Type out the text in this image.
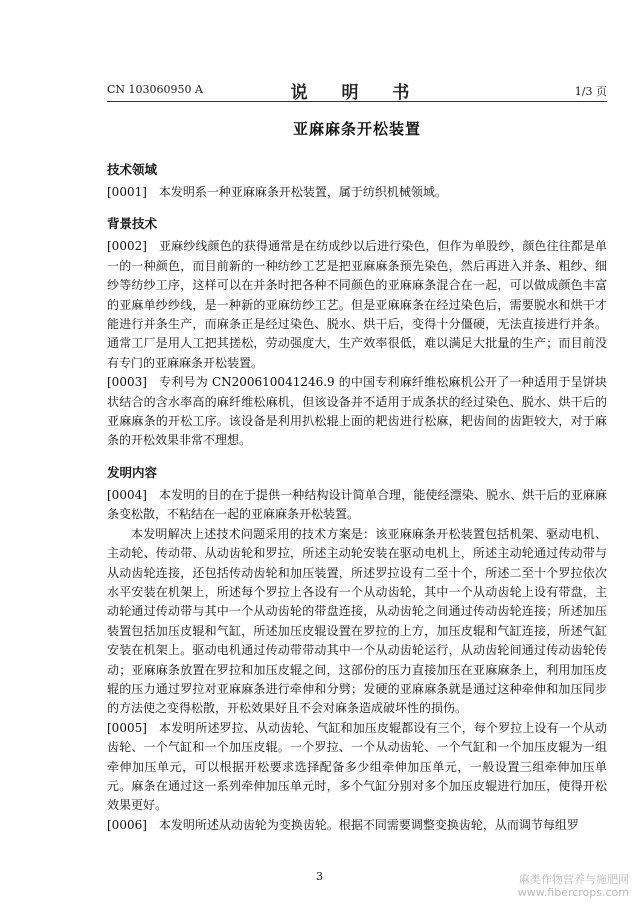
CN 103060950 A	说 明 书	1/3 页
亚麻麻条开松装置
技术领域

[0001] 本发明系一种亚麻麻条开松装置，属于纺织机械领域。

背景技术

[0002] 亚麻纱线颜色的获得通常是在纺成纱以后进行染色，但作为单股纱，颜色往往都是单一的一种颜色，而目前新的一种纺纱工艺是把亚麻麻条预先染色，然后再进入并条、粗纱、细纱等纺纱工序，这样可以在并条时把各种不同颜色的亚麻麻条混合在一起，可以做成颜色丰富的亚麻单纱纱线，是一种新的亚麻纺纱工艺。但是亚麻麻条在经过染色后，需要脱水和烘干才能进行并条生产，而麻条正是经过染色、脱水、烘干后，变得十分僵硬，无法直接进行并条。通常工厂是用人工把其搓松，劳动强度大，生产效率很低，难以满足大批量的生产；而目前没有专门的亚麻麻条开松装置。

[0003] 专利号为 CN200610041246.9 的中国专利麻纤维松麻机公开了一种适用于呈饼块状结合的含水率高的麻纤维松麻机，但该设备并不适用于成条状的经过染色、脱水、烘干后的亚麻麻条的开松工序。该设备是利用扒松辊上面的耙齿进行松麻，耙齿间的齿距较大，对于麻条的开松效果非常不理想。

发明内容

[0004] 本发明的目的在于提供一种结构设计简单合理，能使经漂染、脱水、烘干后的亚麻麻条变松散，不粘结在一起的亚麻麻条开松装置。

本发明解决上述技术问题采用的技术方案是：该亚麻麻条开松装置包括机架、驱动电机、主动轮、传动带、从动齿轮和罗拉，所述主动轮安装在驱动电机上，所述主动轮通过传动带与从动齿轮连接，还包括传动齿轮和加压装置，所述罗拉设有二至十个，所述二至十个罗拉依次水平安装在机架上，所述每个罗拉上各设有一个从动齿轮，其中一个从动齿轮上设有带盘，主动轮通过传动带与其中一个从动齿轮的带盘连接，从动齿轮之间通过传动齿轮连接；所述加压装置包括加压皮辊和气缸，所述加压皮辊设置在罗拉的上方，加压皮辊和气缸连接，所述气缸安装在机架上。驱动电机通过传动带带动其中一个从动齿轮运行，从动齿轮间通过传动齿轮传动；亚麻麻条放置在罗拉和加压皮辊之间，这部份的压力直接加压在亚麻麻条上，利用加压皮辊的压力通过罗拉对亚麻麻条进行牵伸和分劈；发硬的亚麻麻条就是通过这种牵伸和加压同步的方法使之变得松散，开松效果好且不会对麻条造成破坏性的损伤。

[0005] 本发明所述罗拉、从动齿轮、气缸和加压皮辊都设有三个，每个罗拉上设有一个从动齿轮、一个气缸和一个加压皮辊。一个罗拉、一个从动齿轮、一个气缸和一个加压皮辊为一组牵伸加压单元，可以根据开松要求选择配备多少组牵伸加压单元，一般设置三组牵伸加压单元。麻条在通过这一系列牵伸加压单元时，多个气缸分别对多个加压皮辊进行加压，使得开松效果更好。

[0006] 本发明所述从动齿轮为变换齿轮。根据不同需要调整变换齿轮，从而调节每组罗

3	麻类作物营养与施肥网
www.fibercrops.com
